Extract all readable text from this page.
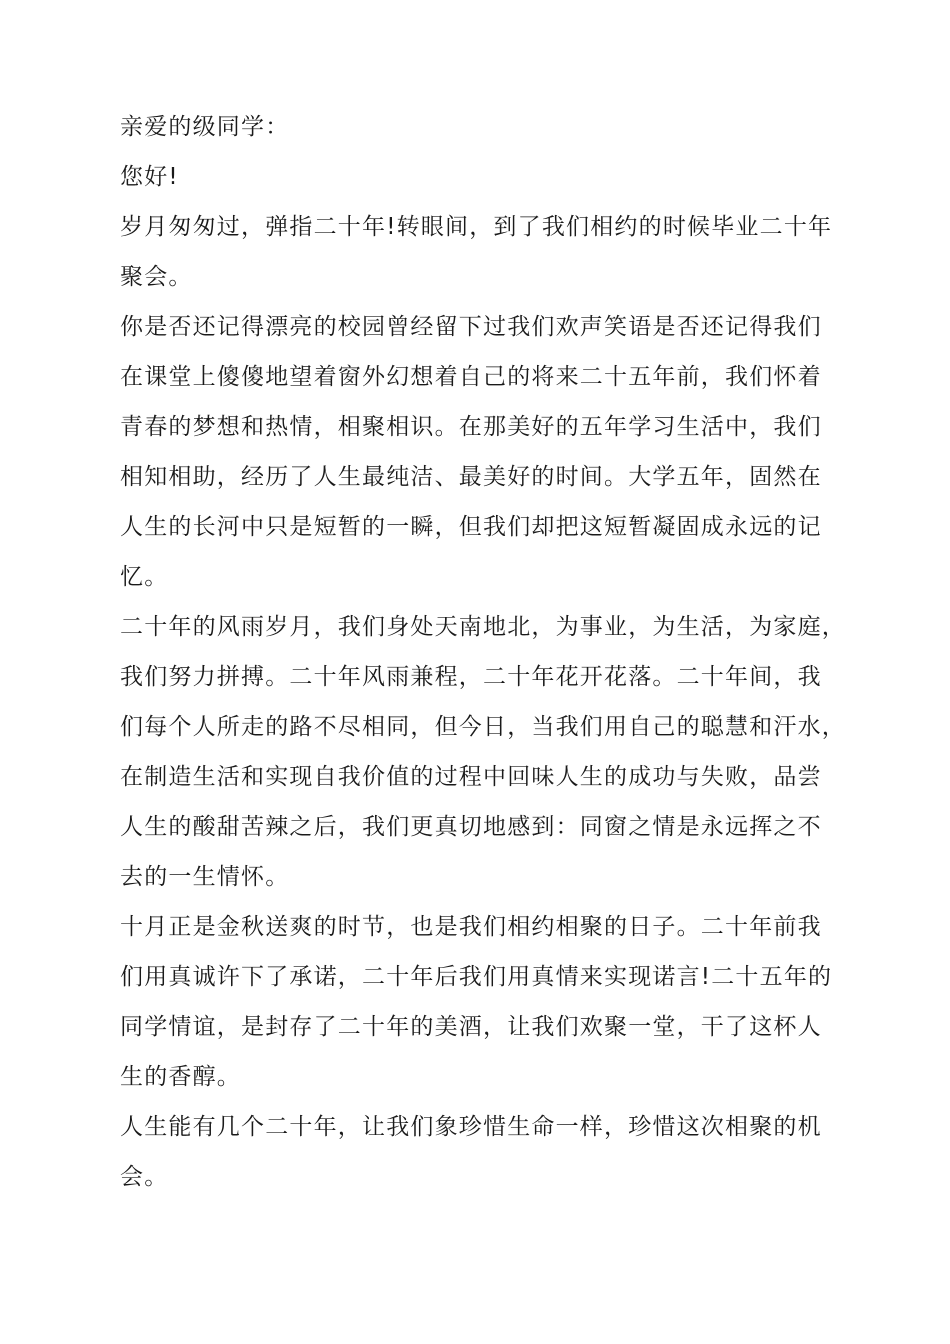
亲爱的级同学：
您好!
岁月匆匆过，弹指二十年!转眼间，到了我们相约的时候毕业二十年
聚会。
你是否还记得漂亮的校园曾经留下过我们欢声笑语是否还记得我们
在课堂上傻傻地望着窗外幻想着自己的将来二十五年前，我们怀着
青春的梦想和热情，相聚相识。在那美好的五年学习生活中，我们
相知相助，经历了人生最纯洁、最美好的时间。大学五年，固然在
人生的长河中只是短暂的一瞬，但我们却把这短暂凝固成永远的记
忆。
二十年的风雨岁月，我们身处天南地北，为事业，为生活，为家庭，
我们努力拼搏。二十年风雨兼程，二十年花开花落。二十年间，我
们每个人所走的路不尽相同，但今日，当我们用自己的聪慧和汗水，
在制造生活和实现自我价值的过程中回味人生的成功与失败，品尝
人生的酸甜苦辣之后，我们更真切地感到：同窗之情是永远挥之不
去的一生情怀。
十月正是金秋送爽的时节，也是我们相约相聚的日子。二十年前我
们用真诚许下了承诺，二十年后我们用真情来实现诺言!二十五年的
同学情谊，是封存了二十年的美酒，让我们欢聚一堂，干了这杯人
生的香醇。
人生能有几个二十年，让我们象珍惜生命一样，珍惜这次相聚的机
会。
